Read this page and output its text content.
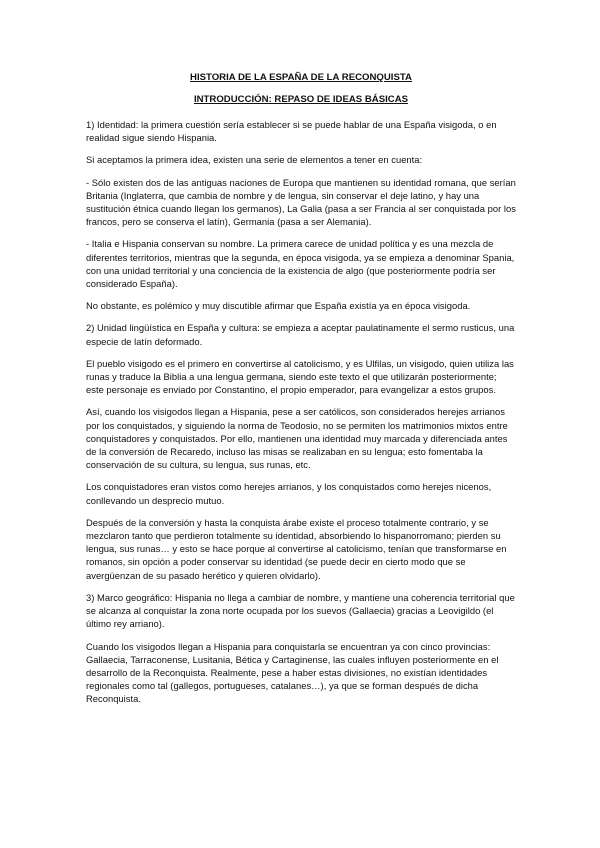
HISTORIA DE LA ESPAÑA DE LA RECONQUISTA

INTRODUCCIÓN: REPASO DE IDEAS BÁSICAS

1) Identidad: la primera cuestión sería establecer si se puede hablar de una España visigoda, o en realidad sigue siendo Hispania.

Si aceptamos la primera idea, existen una serie de elementos a tener en cuenta:

- Sólo existen dos de las antiguas naciones de Europa que mantienen su identidad romana, que serían Britania (Inglaterra, que cambia de nombre y de lengua, sin conservar el deje latino, y hay una sustitución étnica cuando llegan los germanos), La Galia (pasa a ser Francia al ser conquistada por los francos, pero se conserva el latín), Germania (pasa a ser Alemania).

- Italia e Hispania conservan su nombre. La primera carece de unidad política y es una mezcla de diferentes territorios, mientras que la segunda, en época visigoda, ya se empieza a denominar Spania, con una unidad territorial y una conciencia de la existencia de algo (que posteriormente podría ser considerado España).

No obstante, es polémico y muy discutible afirmar que España existía ya en época visigoda.

2) Unidad lingüística en España y cultura: se empieza a aceptar paulatinamente el sermo rusticus, una especie de latín deformado.

El pueblo visigodo es el primero en convertirse al catolicismo, y es Ulfilas, un visigodo, quien utiliza las runas y traduce la Biblia a una lengua germana, siendo este texto el que utilizarán posteriormente; este personaje es enviado por Constantino, el propio emperador, para evangelizar a estos grupos.

Así, cuando los visigodos llegan a Hispania, pese a ser católicos, son considerados herejes arrianos por los conquistados, y siguiendo la norma de Teodosio, no se permiten los matrimonios mixtos entre conquistadores y conquistados. Por ello, mantienen una identidad muy marcada y diferenciada antes de la conversión de Recaredo, incluso las misas se realizaban en su lengua; esto fomentaba la conservación de su cultura, su lengua, sus runas, etc.

Los conquistadores eran vistos como herejes arrianos, y los conquistados como herejes nicenos, conllevando un desprecio mutuo.

Después de la conversión y hasta la conquista árabe existe el proceso totalmente contrario, y se mezclaron tanto que perdieron totalmente su identidad, absorbiendo lo hispanorromano; pierden su lengua, sus runas… y esto se hace porque al convertirse al catolicismo, tenían que transformarse en romanos, sin opción a poder conservar su identidad (se puede decir en cierto modo que se avergüenzan de su pasado herético y quieren olvidarlo).

3) Marco geográfico: Hispania no llega a cambiar de nombre, y mantiene una coherencia territorial que se alcanza al conquistar la zona norte ocupada por los suevos (Gallaecia) gracias a Leovigildo (el último rey arriano).

Cuando los visigodos llegan a Hispania para conquistarla se encuentran ya con cinco provincias: Gallaecia, Tarraconense, Lusitania, Bética y Cartaginense, las cuales influyen posteriormente en el desarrollo de la Reconquista. Realmente, pese a haber estas divisiones, no existían identidades regionales como tal (gallegos, portugueses, catalanes…), ya que se forman después de dicha Reconquista.
